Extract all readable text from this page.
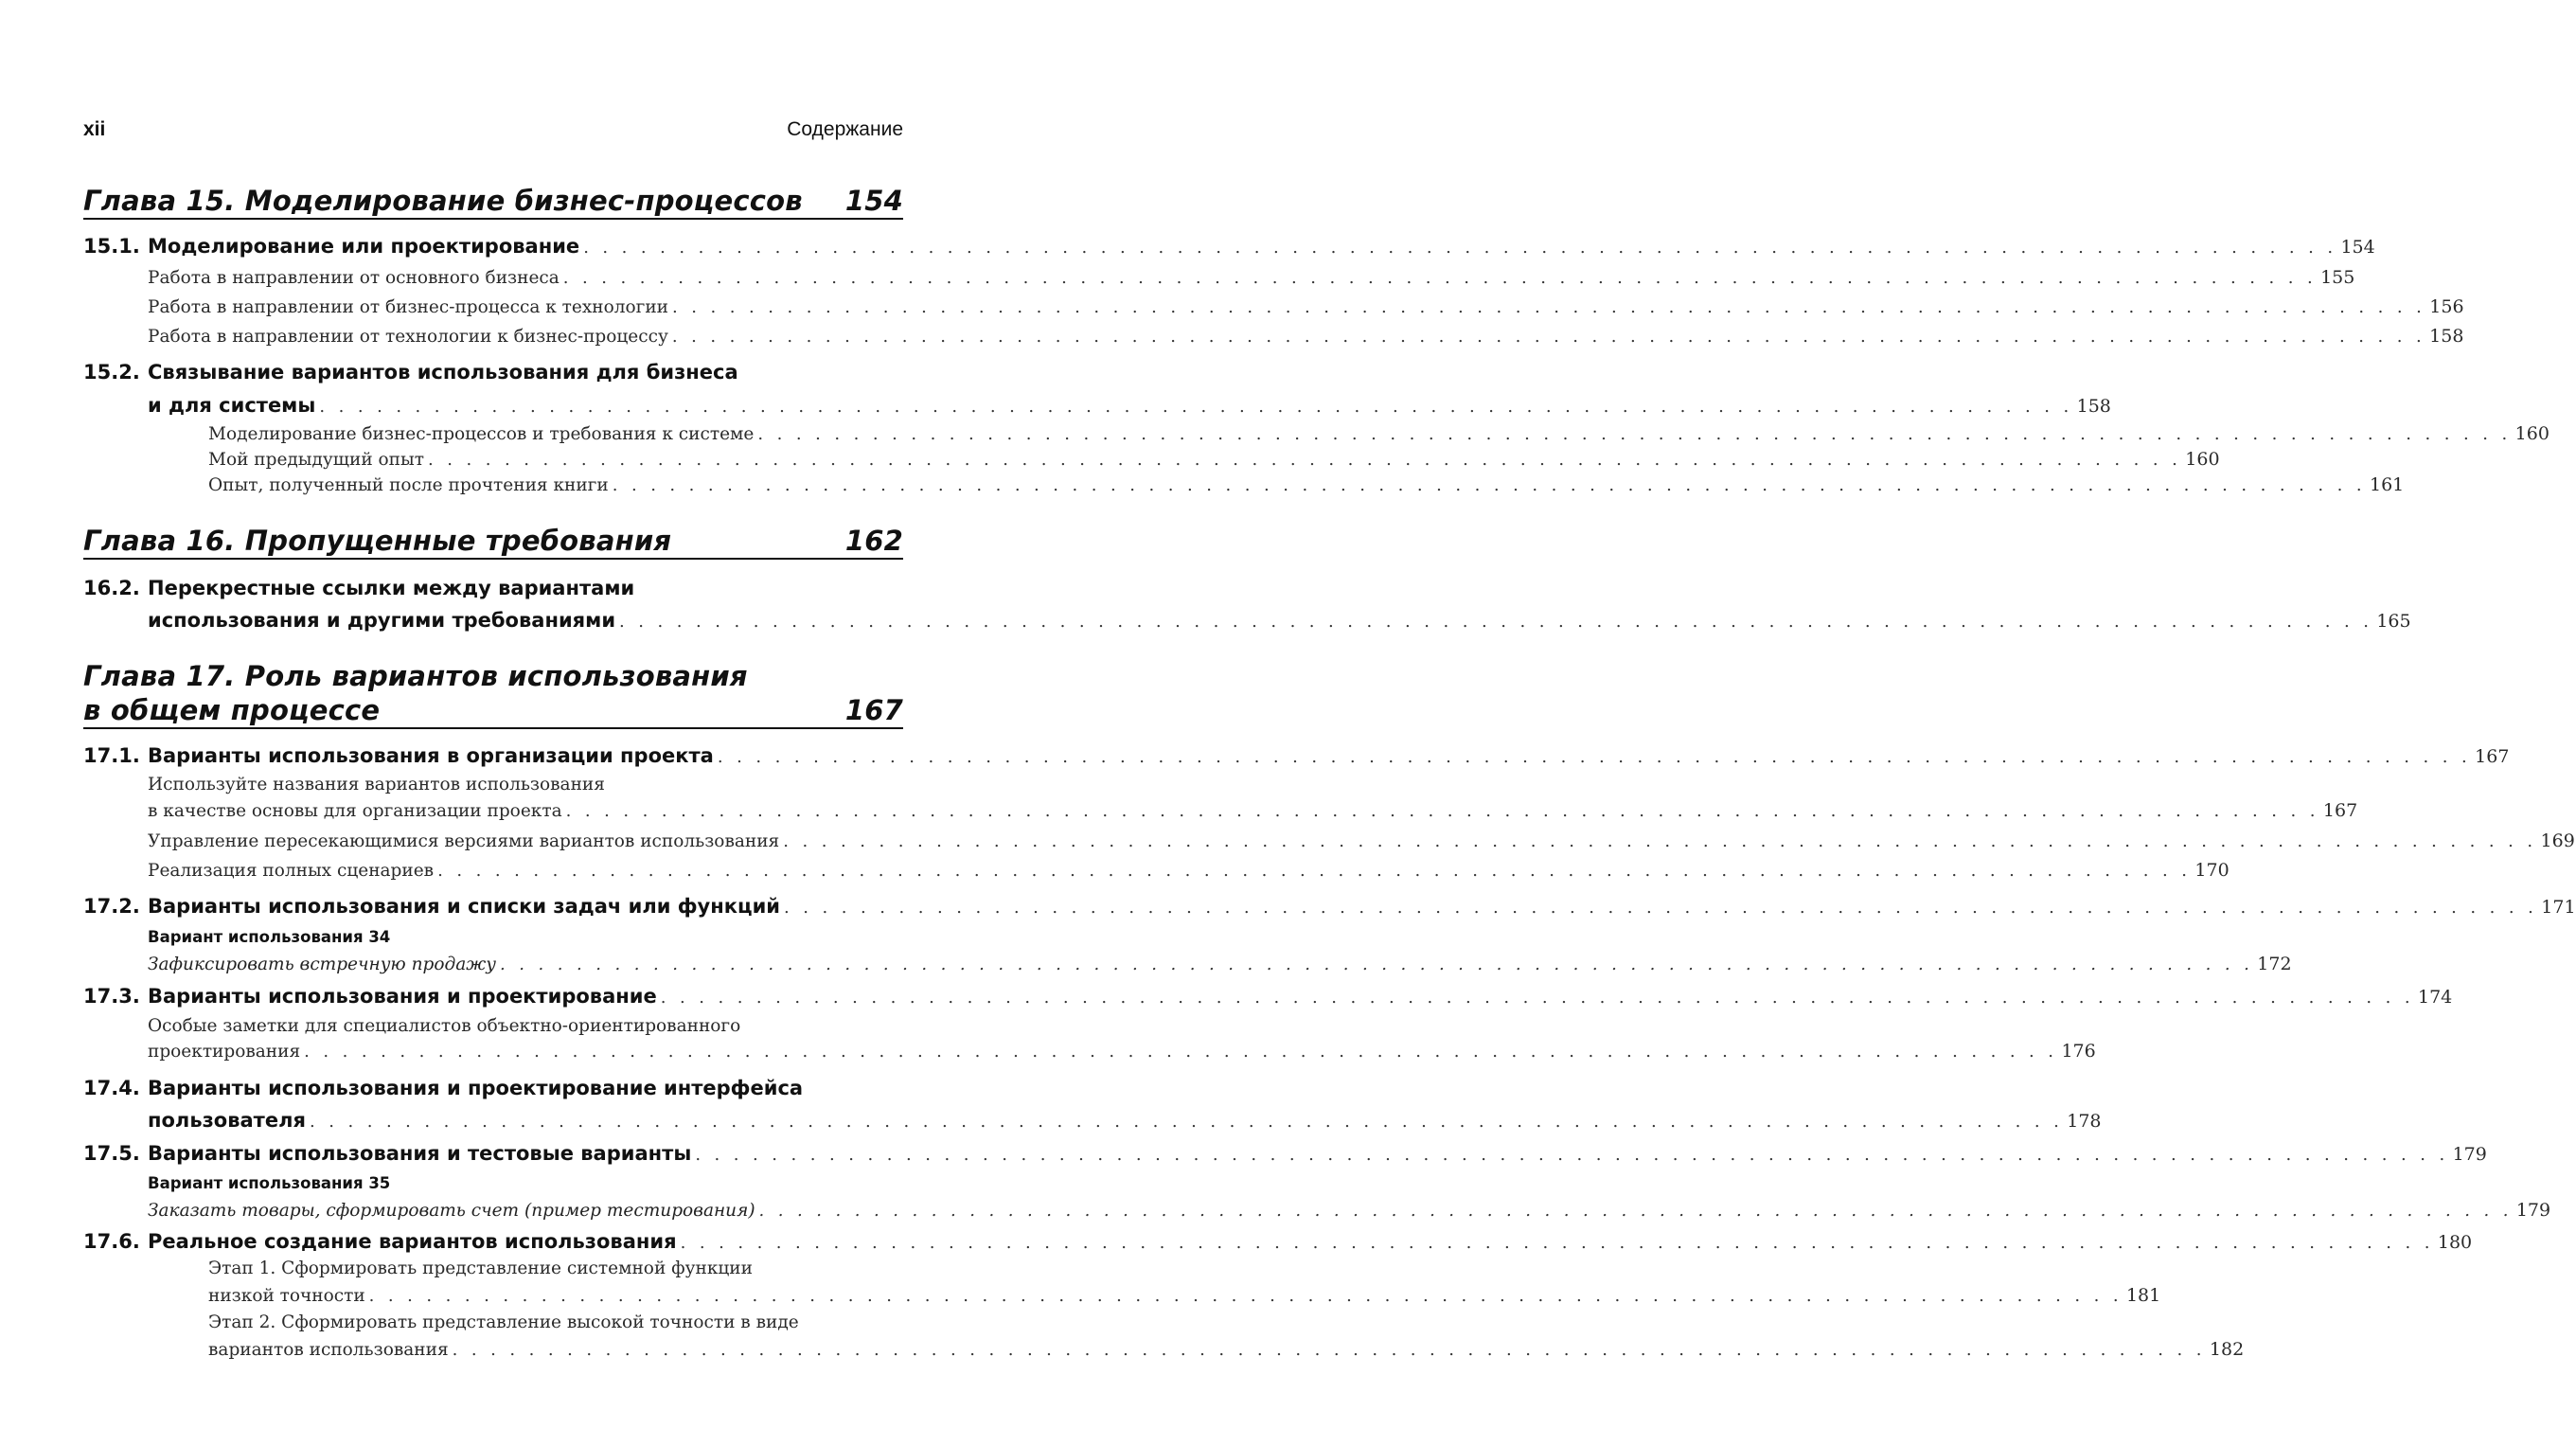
xii	Содержание
Глава 15. Моделирование бизнес-процессов 154
15.1. Моделирование или проектирование . . . . . . . . . . . . . . . . . . . . . . . . . . . . . . . . . . . . . . . . . . . . . . . . . . . . . . . . . . . . . . . . . . . . . . . . . . . . . . . . . . . . . . . . . . . . 154
Работа в направлении от основного бизнеса . . . . . . . . . . . . . . . . . . . . . . . . . . . . . . . . . . . . . . . . . . . . . . . . . . . . . . . . . . . . . . . . . . . . . . . . . . . . . . . . . . . . . . . . . . . . 155
Работа в направлении от бизнес-процесса к технологии . . . . . . . . . . . . . . . . . . . . . . . . . . . . . . . . . . . . . . . . . . . . . . . . . . . . . . . . . . . . . . . . . . . . . . . . . . . . . . . . . . . . . . . . . . . . 156
Работа в направлении от технологии к бизнес-процессу . . . . . . . . . . . . . . . . . . . . . . . . . . . . . . . . . . . . . . . . . . . . . . . . . . . . . . . . . . . . . . . . . . . . . . . . . . . . . . . . . . . . . . . . . . . . 158
15.2. Связывание вариантов использования для бизнеса
и для системы . . . . . . . . . . . . . . . . . . . . . . . . . . . . . . . . . . . . . . . . . . . . . . . . . . . . . . . . . . . . . . . . . . . . . . . . . . . . . . . . . . . . . . . . . . . . 158
Моделирование бизнес-процессов и требования к системе . . . . . . . . . . . . . . . . . . . . . . . . . . . . . . . . . . . . . . . . . . . . . . . . . . . . . . . . . . . . . . . . . . . . . . . . . . . . . . . . . . . . . . . . . . . . 160
Мой предыдущий опыт . . . . . . . . . . . . . . . . . . . . . . . . . . . . . . . . . . . . . . . . . . . . . . . . . . . . . . . . . . . . . . . . . . . . . . . . . . . . . . . . . . . . . . . . . . . . 160
Опыт, полученный после прочтения книги . . . . . . . . . . . . . . . . . . . . . . . . . . . . . . . . . . . . . . . . . . . . . . . . . . . . . . . . . . . . . . . . . . . . . . . . . . . . . . . . . . . . . . . . . . . . 161
Глава 16. Пропущенные требования	162
16.2. Перекрестные ссылки между вариантами
использования и другими требованиями . . . . . . . . . . . . . . . . . . . . . . . . . . . . . . . . . . . . . . . . . . . . . . . . . . . . . . . . . . . . . . . . . . . . . . . . . . . . . . . . . . . . . . . . . . . . 165
Глава 17. Роль вариантов использования
в общем процессе	167
17.1. Варианты использования в организации проекта . . . . . . . . . . . . . . . . . . . . . . . . . . . . . . . . . . . . . . . . . . . . . . . . . . . . . . . . . . . . . . . . . . . . . . . . . . . . . . . . . . . . . . . . . . . . 167
Используйте названия вариантов использования
в качестве основы для организации проекта . . . . . . . . . . . . . . . . . . . . . . . . . . . . . . . . . . . . . . . . . . . . . . . . . . . . . . . . . . . . . . . . . . . . . . . . . . . . . . . . . . . . . . . . . . . . 167
Управление пересекающимися версиями вариантов использования . . . . . . . . . . . . . . . . . . . . . . . . . . . . . . . . . . . . . . . . . . . . . . . . . . . . . . . . . . . . . . . . . . . . . . . . . . . . . . . . . . . . . . . . . . . . 169
Реализация полных сценариев . . . . . . . . . . . . . . . . . . . . . . . . . . . . . . . . . . . . . . . . . . . . . . . . . . . . . . . . . . . . . . . . . . . . . . . . . . . . . . . . . . . . . . . . . . . . 170
17.2. Варианты использования и списки задач или функций . . . . . . . . . . . . . . . . . . . . . . . . . . . . . . . . . . . . . . . . . . . . . . . . . . . . . . . . . . . . . . . . . . . . . . . . . . . . . . . . . . . . . . . . . . . . 171
Вариант использования 34
Зафиксировать встречную продажу . . . . . . . . . . . . . . . . . . . . . . . . . . . . . . . . . . . . . . . . . . . . . . . . . . . . . . . . . . . . . . . . . . . . . . . . . . . . . . . . . . . . . . . . . . . . 172
17.3. Варианты использования и проектирование . . . . . . . . . . . . . . . . . . . . . . . . . . . . . . . . . . . . . . . . . . . . . . . . . . . . . . . . . . . . . . . . . . . . . . . . . . . . . . . . . . . . . . . . . . . . 174
Особые заметки для специалистов объектно-ориентированного
проектирования . . . . . . . . . . . . . . . . . . . . . . . . . . . . . . . . . . . . . . . . . . . . . . . . . . . . . . . . . . . . . . . . . . . . . . . . . . . . . . . . . . . . . . . . . . . . 176
17.4. Варианты использования и проектирование интерфейса
пользователя . . . . . . . . . . . . . . . . . . . . . . . . . . . . . . . . . . . . . . . . . . . . . . . . . . . . . . . . . . . . . . . . . . . . . . . . . . . . . . . . . . . . . . . . . . . . 178
17.5. Варианты использования и тестовые варианты . . . . . . . . . . . . . . . . . . . . . . . . . . . . . . . . . . . . . . . . . . . . . . . . . . . . . . . . . . . . . . . . . . . . . . . . . . . . . . . . . . . . . . . . . . . . 179
Вариант использования 35
Заказать товары, сформировать счет (пример тестирования) . . . . . . . . . . . . . . . . . . . . . . . . . . . . . . . . . . . . . . . . . . . . . . . . . . . . . . . . . . . . . . . . . . . . . . . . . . . . . . . . . . . . . . . . . . . . 179
17.6. Реальное создание вариантов использования . . . . . . . . . . . . . . . . . . . . . . . . . . . . . . . . . . . . . . . . . . . . . . . . . . . . . . . . . . . . . . . . . . . . . . . . . . . . . . . . . . . . . . . . . . . . 180
Этап 1. Сформировать представление системной функции
низкой точности . . . . . . . . . . . . . . . . . . . . . . . . . . . . . . . . . . . . . . . . . . . . . . . . . . . . . . . . . . . . . . . . . . . . . . . . . . . . . . . . . . . . . . . . . . . . 181
Этап 2. Сформировать представление высокой точности в виде
вариантов использования . . . . . . . . . . . . . . . . . . . . . . . . . . . . . . . . . . . . . . . . . . . . . . . . . . . . . . . . . . . . . . . . . . . . . . . . . . . . . . . . . . . . . . . . . . . . 182
